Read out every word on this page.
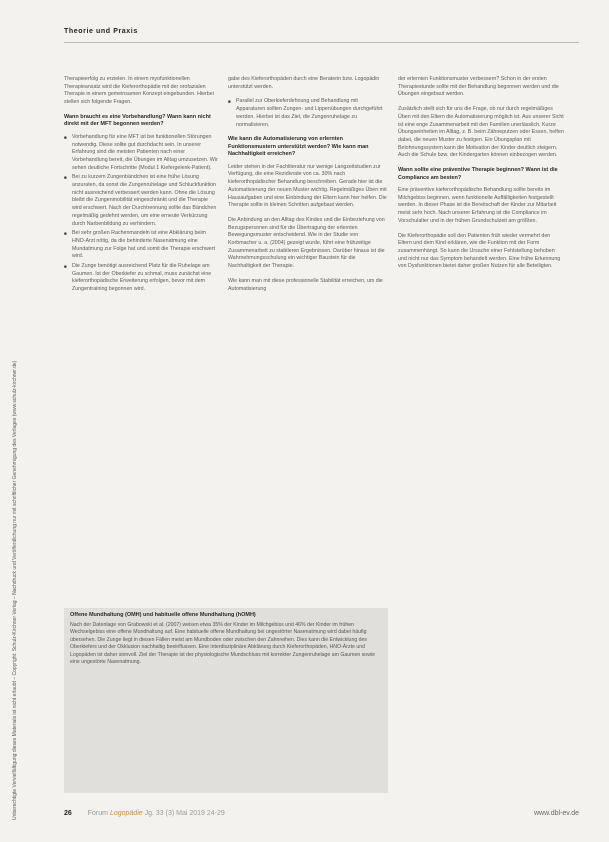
Theorie und Praxis
Unberechtigte Vervielfältigung dieses Materials ist nicht erlaubt – Copyright: Schulz-Kirchner Verlag – Nachdruck und Veröffentlichung nur mit schriftlicher Genehmigung des Verlages (www.schulz-kirchner.de)

Therapieerfolg zu erzielen. In einem myofunktionellen Therapieansatz wird die Kieferorthopädie mit der orofazialen Therapie in einem gemeinsamen Konzept eingebunden. Hierbei stellen sich folgende Fragen.

Wann braucht es eine Vorbehandlung? Wann kann nicht direkt mit der MFT begonnen werden?
■ Vorbehandlung für eine MFT ist bei funktionellen Störungen notwendig. Diese sollte gut durchdacht sein. In unserer Erfahrung sind die meisten Patienten nach einer Vorbehandlung bereit, die Übungen im Alltag umzusetzen. Wir sehen deutliche Fortschritte (Modul 1 Kiefergelenk-Patient).
■ Bei zu kurzem Zungenbändchen ist eine frühe Lösung anzuraten, da sonst die Zungenruhelage und Schluckfunktion nicht ausreichend verbessert werden kann. Ohne die Lösung bleibt die Zungenmobilität eingeschränkt und die Therapie wird erschwert. Nach der Durchtrennung sollte das Bändchen regelmäßig gedehnt werden, um eine erneute Verkürzung durch Narbenbildung zu verhindern.
■ Bei sehr großen Rachenmandeln ist eine Abklärung beim HNO-Arzt nötig, da die behinderte Nasenatmung eine Mundatmung zur Folge hat und somit die Therapie erschwert wird.
■ Die Zunge benötigt ausreichend Platz für die Ruhelage am Gaumen. Ist der Oberkiefer zu schmal, muss zunächst eine kieferorthopädische Erweiterung erfolgen, bevor mit dem Zungentraining begonnen wird.

gabe des Kieferorthopäden durch eine Beraterin bzw. Logopädin unterstützt werden.

■ Parallel zur Oberkieferdehnung und Behandlung mit Apparaturen sollten Zungen- und Lippenübungen durchgeführt werden. Hierbei ist das Ziel, die Zungenruhelage zu normalisieren.
Wie kann die Automatisierung von erlernten Funktionsmustern unterstützt werden? Wie kann man Nachhaltigkeit erreichen?

Leider stehen in der Fachliteratur nur wenige Langzeitstudien zur Verfügung, die eine Rezidivrate von ca. 30% nach kieferorthopädischer Behandlung beschreiben. Gerade hier ist die Automatisierung der neuen Muster wichtig. Regelmäßiges Üben mit Hausaufgaben und eine Einbindung der Eltern kann hier helfen. Die Therapie sollte in kleinen Schritten aufgebaut werden.

Die Anbindung an den Alltag des Kindes und die Einbeziehung von Bezugspersonen sind für die Übertragung der erlernten Bewegungsmuster entscheidend. Wie in der Studie von Korbmacher u. a. (2004) gezeigt wurde, führt eine frühzeitige Zusammenarbeit zu stabileren Ergebnissen. Darüber hinaus ist die Wahrnehmungsschulung ein wichtiger Baustein für die Nachhaltigkeit der Therapie.

Wie kann man mit diese professionelle Stabilität erreichen, um die Automatisierung

der erlernten Funktionsmuster verbessern? Schon in der ersten Therapiestunde sollte mit der Behandlung begonnen werden und die Übungen eingebaut werden.

Zusätzlich stellt sich für uns die Frage, ob nur durch regelmäßiges Üben mit den Eltern die Automatisierung möglich ist. Aus unserer Sicht ist eine enge Zusammenarbeit mit den Familien unerlässlich. Kurze Übungseinheiten im Alltag, z. B. beim Zähneputzen oder Essen, helfen dabei, die neuen Muster zu festigen. Ein Übungsplan mit Belohnungssystem kann die Motivation der Kinder deutlich steigern. Auch die Schule bzw. der Kindergarten können einbezogen werden.

Wann sollte eine präventive Therapie beginnen? Wann ist die Compliance am besten?

Eine präventive kieferorthopädische Behandlung sollte bereits im Milchgebiss beginnen, wenn funktionelle Auffälligkeiten festgestellt werden. In dieser Phase ist die Bereitschaft der Kinder zur Mitarbeit meist sehr hoch. Nach unserer Erfahrung ist die Compliance im Vorschulalter und in der frühen Grundschulzeit am größten.

Die Kieferorthopädie soll den Patienten früh wieder vermehrt den Eltern und dem Kind erklären, wie die Funktion mit der Form zusammenhängt. So kann die Ursache einer Fehlstellung behoben und nicht nur das Symptom behandelt werden. Eine frühe Erkennung von Dysfunktionen bietet daher großen Nutzen für alle Beteiligten.

Offene Mundhaltung (OMH) und habituelle offene Mundhaltung (hOMH)

Nach der Datenlage von Grabowski et al. (2007) weisen etwa 35% der Kinder im Milchgebiss und 46% der Kinder im frühen Wechselgebiss eine offene Mundhaltung auf. Eine habituelle offene Mundhaltung bei ungestörter Nasenatmung wird dabei häufig übersehen. Die Zunge liegt in diesen Fällen meist am Mundboden oder zwischen den Zahnreihen. Dies kann die Entwicklung des Oberkiefers und der Okklusion nachhaltig beeinflussen. Eine interdisziplinäre Abklärung durch Kieferorthopäden, HNO-Ärzte und Logopäden ist daher sinnvoll. Ziel der Therapie ist der physiologische Mundschluss mit korrekter Zungenruhelage am Gaumen sowie eine ungestörte Nasenatmung.

26 Forum Logopädie Jg. 33 (3) Mai 2019 24-29	www.dbl-ev.de
